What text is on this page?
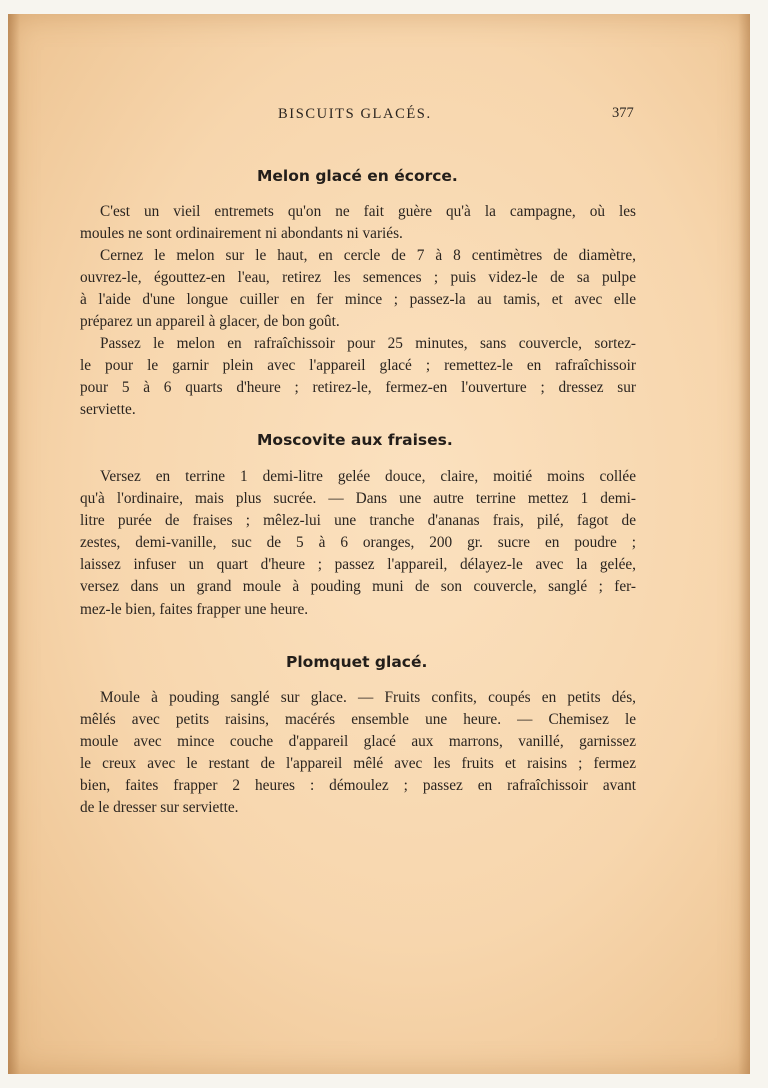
BISCUITS GLACÉS.	377
Melon glacé en écorce.
C'est un vieil entremets qu'on ne fait guère qu'à la campagne, où les
moules ne sont ordinairement ni abondants ni variés.
Cernez le melon sur le haut, en cercle de 7 à 8 centimètres de diamètre,
ouvrez-le, égouttez-en l'eau, retirez les semences ; puis videz-le de sa pulpe
à l'aide d'une longue cuiller en fer mince ; passez-la au tamis, et avec elle
préparez un appareil à glacer, de bon goût.
Passez le melon en rafraîchissoir pour 25 minutes, sans couvercle, sortez-
le pour le garnir plein avec l'appareil glacé ; remettez-le en rafraîchissoir
pour 5 à 6 quarts d'heure ; retirez-le, fermez-en l'ouverture ; dressez sur
serviette.
Moscovite aux fraises.
Versez en terrine 1 demi-litre gelée douce, claire, moitié moins collée
qu'à l'ordinaire, mais plus sucrée. — Dans une autre terrine mettez 1 demi-
litre purée de fraises ; mêlez-lui une tranche d'ananas frais, pilé, fagot de
zestes, demi-vanille, suc de 5 à 6 oranges, 200 gr. sucre en poudre ;
laissez infuser un quart d'heure ; passez l'appareil, délayez-le avec la gelée,
versez dans un grand moule à pouding muni de son couvercle, sanglé ; fer-
mez-le bien, faites frapper une heure.
Plomquet glacé.
Moule à pouding sanglé sur glace. — Fruits confits, coupés en petits dés,
mêlés avec petits raisins, macérés ensemble une heure. — Chemisez le
moule avec mince couche d'appareil glacé aux marrons, vanillé, garnissez
le creux avec le restant de l'appareil mêlé avec les fruits et raisins ; fermez
bien, faites frapper 2 heures : démoulez ; passez en rafraîchissoir avant
de le dresser sur serviette.
